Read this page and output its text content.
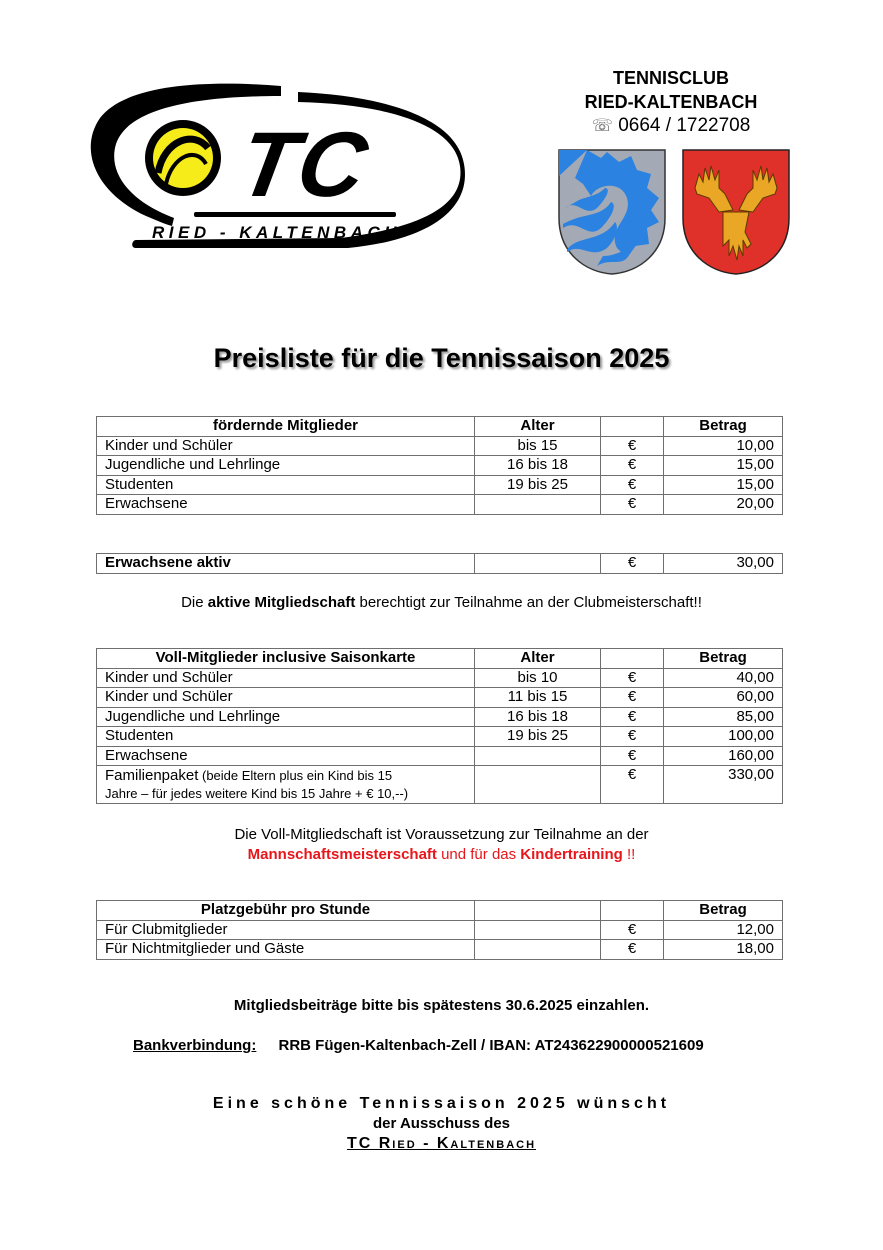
TC
RIED - KALTENBACH
TENNISCLUB
RIED-KALTENBACH
☏ 0664 / 1722708
Preisliste für die Tennissaison 2025
fördernde Mitglieder	Alter		Betrag
Kinder und Schüler	bis 15	€	10,00
Jugendliche und Lehrlinge	16 bis 18	€	15,00
Studenten	19 bis 25	€	15,00
Erwachsene		€	20,00
Erwachsene aktiv		€	30,00
Die aktive Mitgliedschaft berechtigt zur Teilnahme an der Clubmeisterschaft!!
Voll-Mitglieder inclusive Saisonkarte	Alter		Betrag
Kinder und Schüler	bis 10	€	40,00
Kinder und Schüler	11 bis 15	€	60,00
Jugendliche und Lehrlinge	16 bis 18	€	85,00
Studenten	19 bis 25	€	100,00
Erwachsene		€	160,00
Familienpaket (beide Eltern plus ein Kind bis 15
Jahre – für jedes weitere Kind bis 15 Jahre + € 10,--)		€	330,00
Die Voll-Mitgliedschaft ist Voraussetzung zur Teilnahme an der
Mannschaftsmeisterschaft und für das Kindertraining !!
Platzgebühr pro Stunde			Betrag
Für Clubmitglieder		€	12,00
Für Nichtmitglieder und Gäste		€	18,00
Mitgliedsbeiträge bitte bis spätestens 30.6.2025 einzahlen.
Bankverbindung: RRB Fügen-Kaltenbach-Zell / IBAN: AT243622900000521609
Eine schöne Tennissaison 2025 wünscht
der Ausschuss des
TC Ried - Kaltenbach
